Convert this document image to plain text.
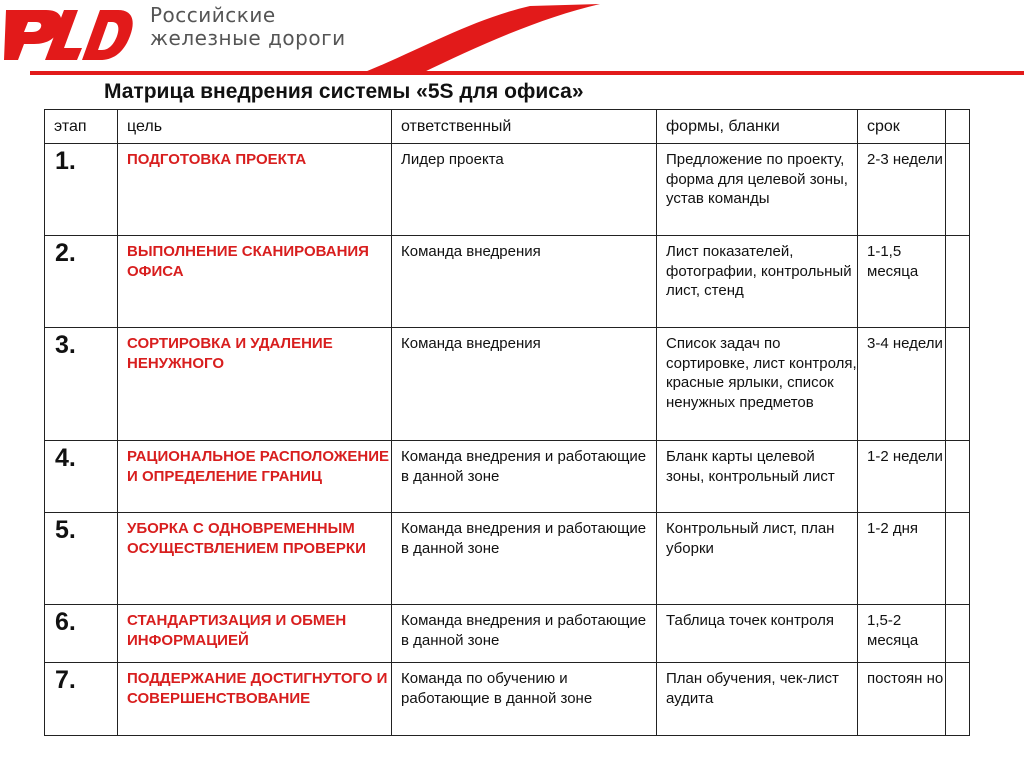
Российские
железные дороги
Матрица внедрения системы «5S для офиса»
этап	цель	ответственный	формы, бланки	срок	
1.	ПОДГОТОВКА ПРОЕКТА	Лидер проекта	Предложение по проекту, форма для целевой зоны, устав команды	2-3 недели	
2.	ВЫПОЛНЕНИЕ СКАНИРОВАНИЯ ОФИСА	Команда внедрения	Лист показателей, фотографии, контрольный лист, стенд	1-1,5 месяца	
3.	СОРТИРОВКА И УДАЛЕНИЕ НЕНУЖНОГО	Команда внедрения	Список задач по сортировке, лист контроля, красные ярлыки, список ненужных предметов	3-4 недели	
4.	РАЦИОНАЛЬНОЕ РАСПОЛОЖЕНИЕ И ОПРЕДЕЛЕНИЕ ГРАНИЦ	Команда внедрения и работающие в данной зоне	Бланк карты целевой зоны, контрольный лист	1-2 недели	
5.	УБОРКА С ОДНОВРЕМЕННЫМ ОСУЩЕСТВЛЕНИЕМ ПРОВЕРКИ	Команда внедрения и работающие в данной зоне	Контрольный лист, план уборки	1-2 дня	
6.	СТАНДАРТИЗАЦИЯ И ОБМЕН ИНФОРМАЦИЕЙ	Команда внедрения и работающие в данной зоне	Таблица точек контроля	1,5-2 месяца	
7.	ПОДДЕРЖАНИЕ ДОСТИГНУТОГО И СОВЕРШЕНСТВОВАНИЕ	Команда по обучению и работающие в данной зоне	План обучения, чек-лист аудита	постоян но	
